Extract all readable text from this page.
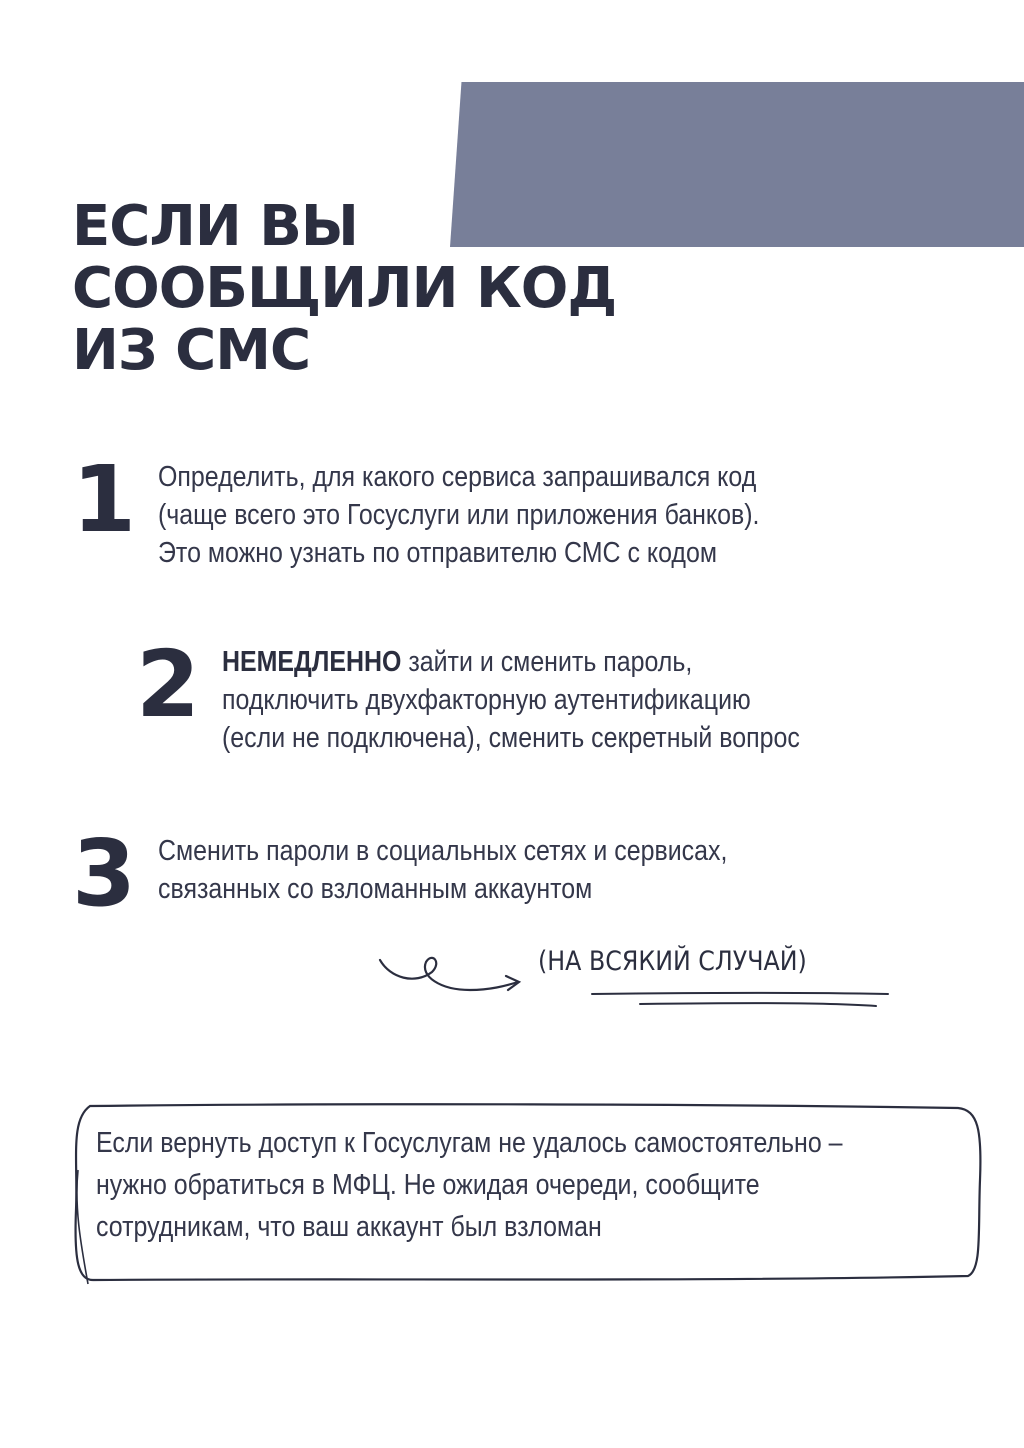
ЕСЛИ ВЫ
СООБЩИЛИ КОД
ИЗ СМС
1 Определить, для какого сервиса запрашивался код
(чаще всего это Госуслуги или приложения банков).
Это можно узнать по отправителю СМС с кодом
2 НЕМЕДЛЕННО зайти и сменить пароль,
подключить двухфакторную аутентификацию
(если не подключена), сменить секретный вопрос
3 Сменить пароли в социальных сетях и сервисах,
связанных со взломанным аккаунтом
(НА ВСЯКИЙ СЛУЧАЙ)
Если вернуть доступ к Госуслугам не удалось самостоятельно –
нужно обратиться в МФЦ. Не ожидая очереди, сообщите
сотрудникам, что ваш аккаунт был взломан
